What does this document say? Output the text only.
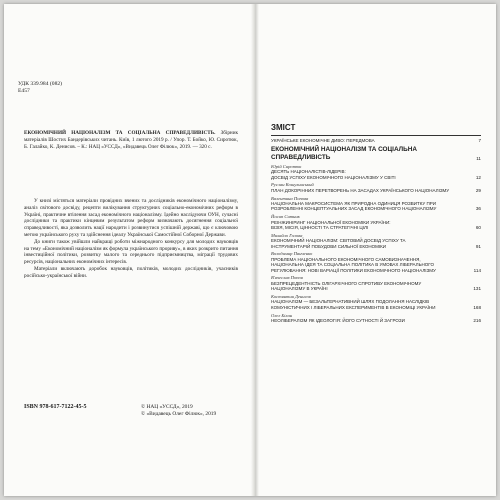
УДК 339.984 (082)
Е457
ЕКОНОМІЧНИЙ НАЦІОНАЛІЗМ ТА СОЦІАЛЬНА СПРАВЕДЛИВІСТЬ. Збірник матеріалів Шостих Бандерівських читань. Київ, 1 лютого 2019 р. / Упор. Т. Бойко, Ю. Сиротюк, Б. Галайко, К. Денисов. – К.: НАЦ «УССД», «Видавець Олег Філюк», 2019. — 320 с.

У книзі містяться матеріали провідних вчених та дослідників економічного націоналізму, аналіз світового досвіду, рецепти вилікування структурних соціально-економічних реформ в Україні, практичне втілення засад економічного націоналізму. Ідейно наслідуючи ОУН, сучасні дослідники та практики кінцевим результатом реформ визначають досягнення соціальної справедливості, яка дозволить нації народити і розвинутися успішній державі, що є ключовою метою українського руху та здійснення ідеалу Української Самостійної Соборної Держави.

До книги також увійшли найкращі роботи міжнародного конкурсу для молодих науковців на тему «Економічний націоналізм як формула українського прориву», в яких розкрито питання інвестиційної політики, розвитку малого та середнього підприємництва, міграції трудових ресурсів, національних економічних інтересів.

Матеріали включають доробок науковців, політиків, молодих дослідників, учасників російсько-української війни.

ISBN 978-617-7122-45-5	© НАЦ «УССД», 2019
© «Видавець Олег Філюк», 2019
ЗМІСТ
УКРАЇНСЬКЕ ЕКОНОМІЧНЕ ДИВО: ПЕРЕДМОВА	7
ЕКОНОМІЧНИЙ НАЦІОНАЛІЗМ ТА СОЦІАЛЬНА
СПРАВЕДЛИВІСТЬ	11
Юрій Сиротюк
ДЕСЯТЬ НАЦІОНАЛІСТІВ-ЛІДЕРІВ:
ДОСВІД УСПІХУ ЕКОНОМІЧНОГО НАЦІОНАЛІЗМУ У СВІТІ	12
Руслан Кошулинський
ПЛАН ДОКОРІННИХ ПЕРЕТВОРЕНЬ НА ЗАСАДАХ УКРАЇНСЬКОГО НАЦІОНАЛІЗМУ	29
Валентина Попова
НАЦІОНАЛЬНА МАКРОСИСТЕМА ЯК ПРИРОДНА ОДИНИЦЯ РОЗВИТКУ ПРИ
РОЗРОБЛЕННІ КОНЦЕПТУАЛЬНИХ ЗАСАД ЕКОНОМІЧНОГО НАЦІОНАЛІЗМУ	36
Йосип Ситник
РЕІНЖИНІРИНГ НАЦІОНАЛЬНОЇ ЕКОНОМІКИ УКРАЇНИ:
ВІЗІЯ, МІСІЯ, ЦІННОСТІ ТА СТРАТЕГІЧНІ ЦІЛІ	60
Михайло Голова
ЕКОНОМІЧНИЙ НАЦІОНАЛІЗМ: СВІТОВИЙ ДОСВІД УСПІХУ ТА
ІНСТРУМЕНТАРІЙ ПОБУДОВИ СИЛЬНОЇ ЕКОНОМІКИ	91
Володимир Панченко
ПРОБЛЕМА НАЦІОНАЛЬНОГО ЕКОНОМІЧНОГО САМОВИЗНАЧЕННЯ,
НАЦІОНАЛЬНА ІДЕЯ ТА СОЦІАЛЬНА ПОЛІТИКА В УМОВАХ ЛІБЕРАЛЬНОГО
РЕГУЛЮВАННЯ: НОВІ ВАРІАЦІЇ ПОЛІТИКИ ЕКОНОМІЧНОГО НАЦІОНАЛІЗМУ	114
В'ячеслав Попов
БЕЗПРЕЦЕДЕНТНІСТЬ ОЛІГАРХІЧНОГО СПРОТИВУ ЕКОНОМІЧНОМУ
НАЦІОНАЛІЗМУ В УКРАЇНІ	131
Костянтин Денисов
НАЦІОНАЛІЗМ — БЕЗАЛЬТЕРНАТИВНИЙ ШЛЯХ ПОДОЛАННЯ НАСЛІДКІВ
КОМУНІСТИЧНИХ І ЛІБЕРАЛЬНИХ ЕКСПЕРИМЕНТІВ В ЕКОНОМІЦІ УКРАЇНИ	168
Олег Білан
НЕОЛІБЕРАЛІЗМ ЯК ІДЕОЛОГІЯ: ЙОГО СУТНОСТІ Й ЗАГРОЗИ	216
